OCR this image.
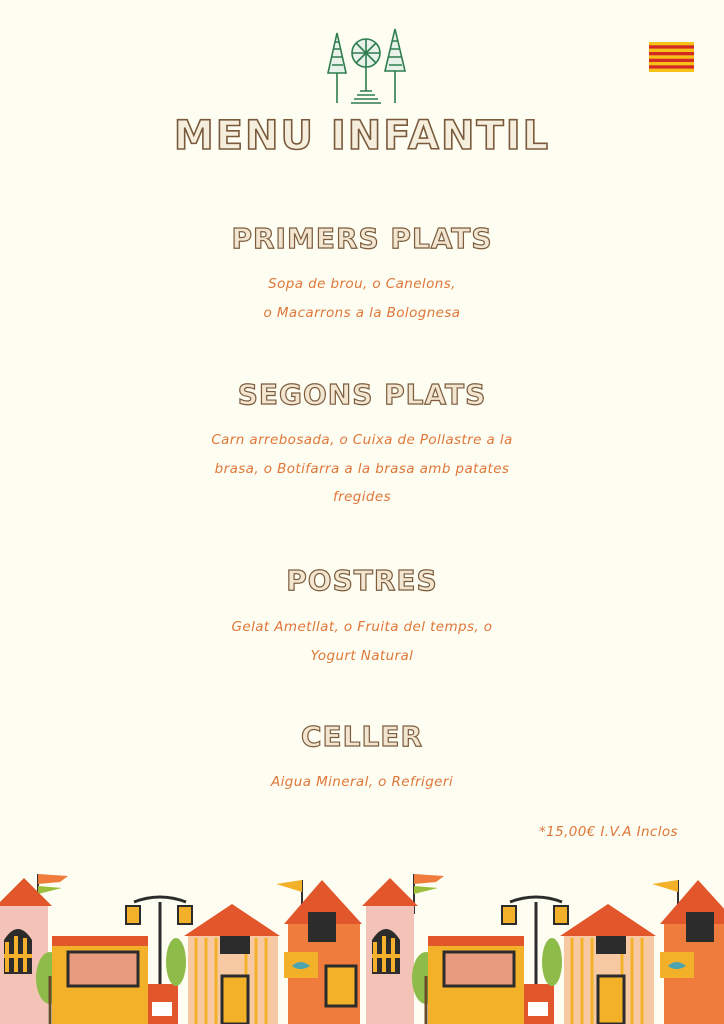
MENU INFANTIL
PRIMERS PLATS
Sopa de brou, o Canelons,
o Macarrons a la Bolognesa
SEGONS PLATS
Carn arrebosada, o Cuixa de Pollastre a la
brasa, o Botifarra a la brasa amb patates
fregides
POSTRES
Gelat Ametllat, o Fruita del temps, o
Yogurt Natural
CELLER
Aigua Mineral, o Refrigeri
*15,00€ I.V.A Inclos
